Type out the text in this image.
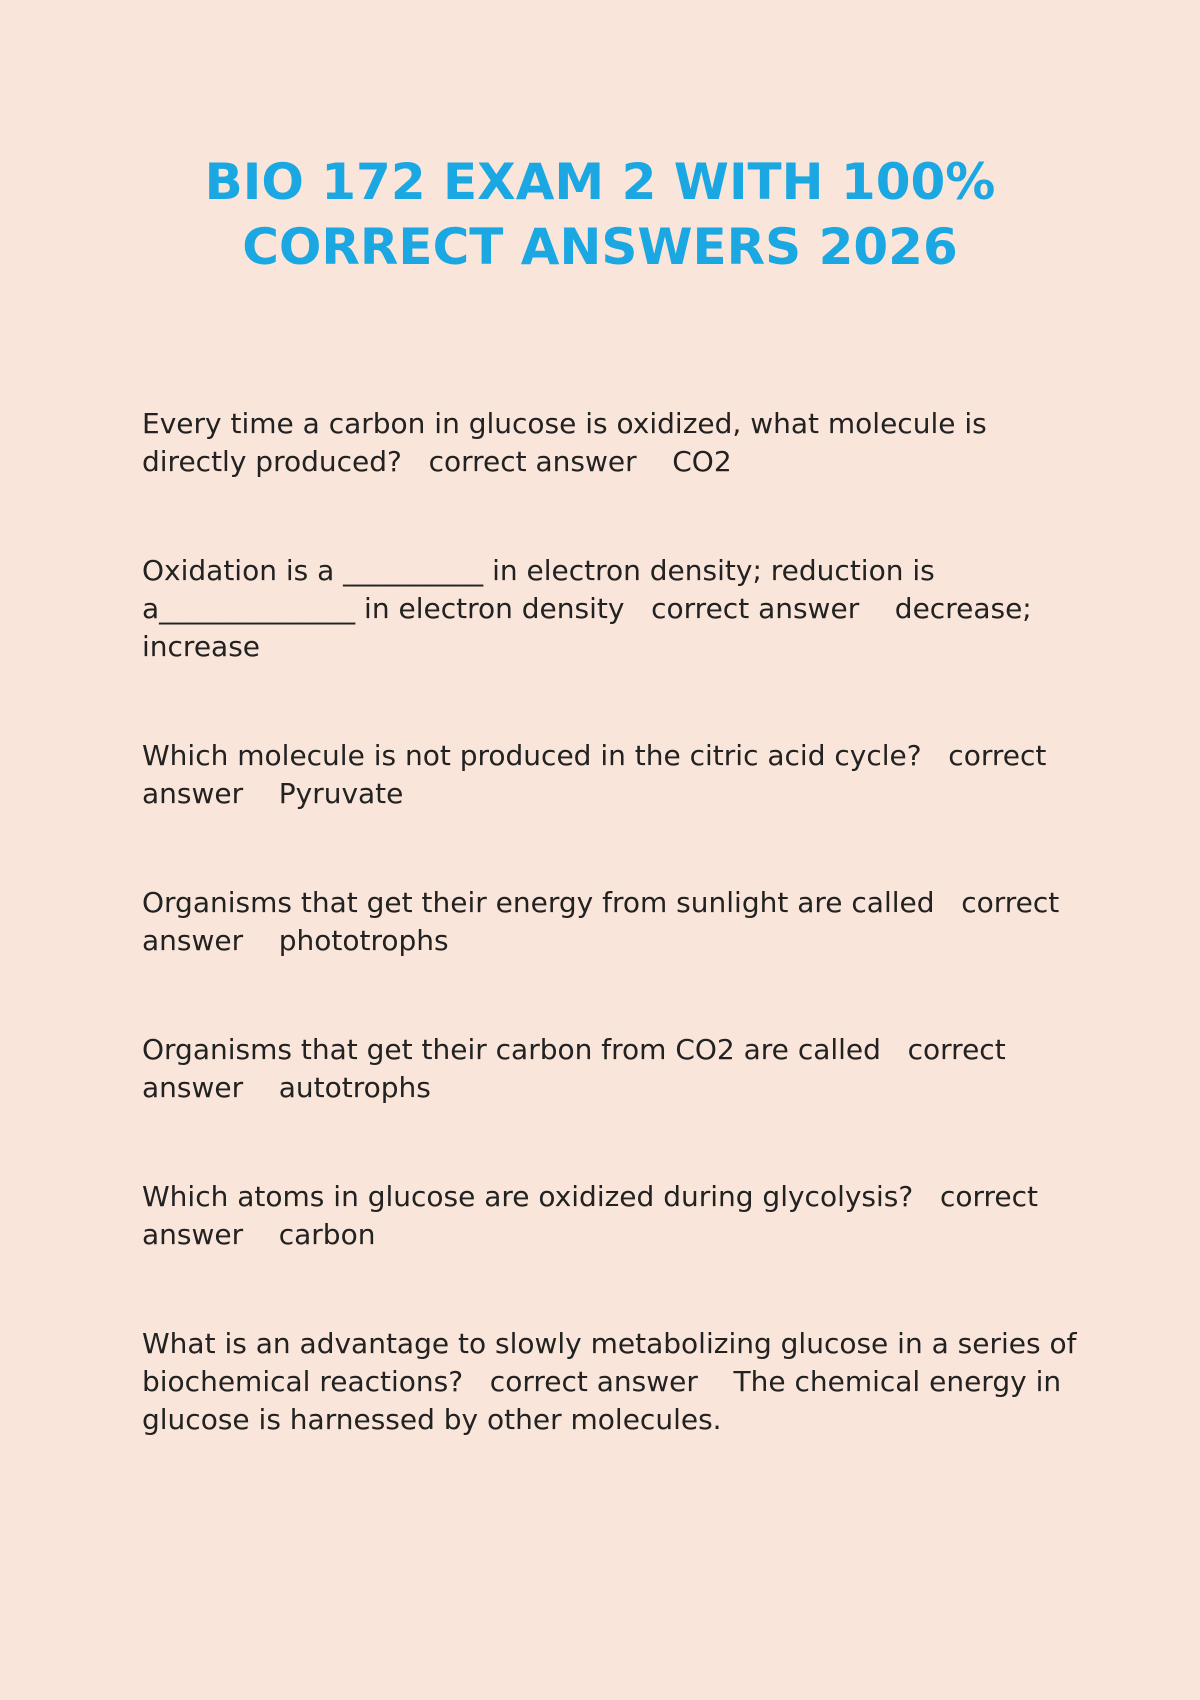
BIO 172 EXAM 2 WITH 100%
CORRECT ANSWERS 2026
Every time a carbon in glucose is oxidized, what molecule is
directly produced?   correct answer    CO2
Oxidation is a __________ in electron density; reduction is
a______________ in electron density   correct answer    decrease;
increase
Which molecule is not produced in the citric acid cycle?   correct
answer    Pyruvate
Organisms that get their energy from sunlight are called   correct
answer    phototrophs
Organisms that get their carbon from CO2 are called   correct
answer    autotrophs
Which atoms in glucose are oxidized during glycolysis?   correct
answer    carbon
What is an advantage to slowly metabolizing glucose in a series of
biochemical reactions?   correct answer    The chemical energy in
glucose is harnessed by other molecules.
